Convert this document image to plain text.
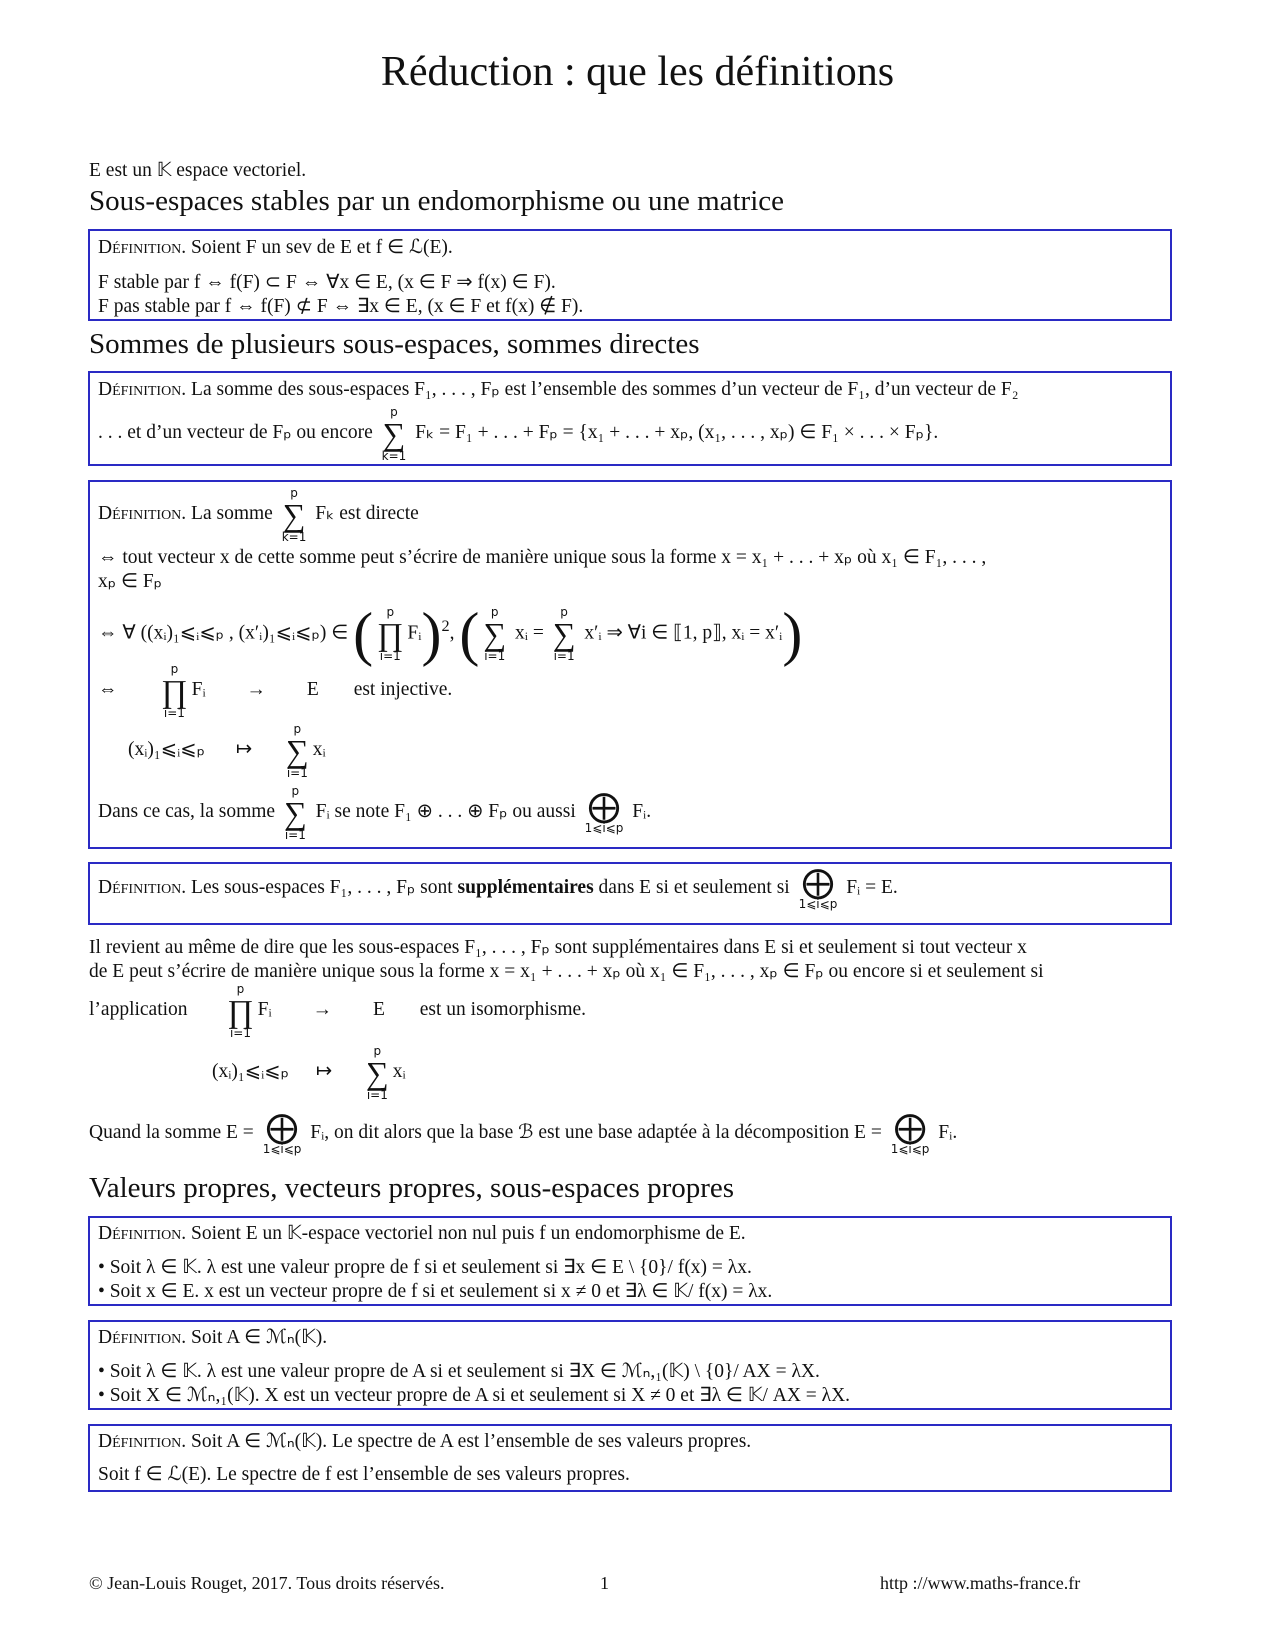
Réduction : que les définitions
E est un 𝕂 espace vectoriel.
Sous-espaces stables par un endomorphisme ou une matrice
Définition. Soient F un sev de E et f ∈ ℒ(E).
F stable par f ⇔ f(F) ⊂ F ⇔ ∀x ∈ E, (x ∈ F ⇒ f(x) ∈ F).
F pas stable par f ⇔ f(F) ⊄ F ⇔ ∃x ∈ E, (x ∈ F et f(x) ∉ F).
Sommes de plusieurs sous-espaces, sommes directes
Définition. La somme des sous-espaces F₁, . . . , Fₚ est l’ensemble des sommes d’un vecteur de F₁, d’un vecteur de F₂
. . . et d’un vecteur de Fₚ ou encore
p
∑
k=1
Fₖ = F₁ + . . . + Fₚ = {x₁ + . . . + xₚ, (x₁, . . . , xₚ) ∈ F₁ × . . . × Fₚ}.
Définition. La somme
p
∑
k=1
Fₖ est directe
⇔ tout vecteur x de cette somme peut s’écrire de manière unique sous la forme x = x₁ + . . . + xₚ où x₁ ∈ F₁, . . . ,
xₚ ∈ Fₚ
⇔ ∀ ((xᵢ)₁⩽ᵢ⩽ₚ , (x′ᵢ)₁⩽ᵢ⩽ₚ) ∈ (	p
∏
i=1
Fᵢ)$^2$, ( p
∑
i=1
xᵢ =
p
∑
i=1
x′ᵢ ⇒ ∀i ∈ ⟦1, p⟧, xᵢ = x′ᵢ)
⇔
p
∏
i=1
Fᵢ → E est injective.
(xᵢ)₁⩽ᵢ⩽ₚ ↦
p
∑
i=1
xᵢ
Dans ce cas, la somme
p
∑
i=1
Fᵢ se note F₁ ⊕ . . . ⊕ Fₚ ou aussi ⨁
1⩽i⩽p
Fᵢ.
Définition. Les sous-espaces F₁, . . . , Fₚ sont supplémentaires dans E si et seulement si ⨁
1⩽i⩽p
Fᵢ = E.
Il revient au même de dire que les sous-espaces F₁, . . . , Fₚ sont supplémentaires dans E si et seulement si tout vecteur x
de E peut s’écrire de manière unique sous la forme x = x₁ + . . . + xₚ où x₁ ∈ F₁, . . . , xₚ ∈ Fₚ ou encore si et seulement si
l’application
p
∏
i=1
Fᵢ → E est un isomorphisme.
(xᵢ)₁⩽ᵢ⩽ₚ ↦
p
∑
i=1
xᵢ
Quand la somme E = ⨁
1⩽i⩽p
Fᵢ, on dit alors que la base ℬ est une base adaptée à la décomposition E = ⨁
1⩽i⩽p
Fᵢ.
Valeurs propres, vecteurs propres, sous-espaces propres
Définition. Soient E un 𝕂-espace vectoriel non nul puis f un endomorphisme de E.
• Soit λ ∈ 𝕂. λ est une valeur propre de f si et seulement si ∃x ∈ E \ {0}/ f(x) = λx.
• Soit x ∈ E. x est un vecteur propre de f si et seulement si x ≠ 0 et ∃λ ∈ 𝕂/ f(x) = λx.
Définition. Soit A ∈ ℳₙ(𝕂).
• Soit λ ∈ 𝕂. λ est une valeur propre de A si et seulement si ∃X ∈ ℳₙ,₁(𝕂) \ {0}/ AX = λX.
• Soit X ∈ ℳₙ,₁(𝕂). X est un vecteur propre de A si et seulement si X ≠ 0 et ∃λ ∈ 𝕂/ AX = λX.
Définition. Soit A ∈ ℳₙ(𝕂). Le spectre de A est l’ensemble de ses valeurs propres.
Soit f ∈ ℒ(E). Le spectre de f est l’ensemble de ses valeurs propres.
© Jean-Louis Rouget, 2017. Tous droits réservés.	1	http ://www.maths-france.fr
